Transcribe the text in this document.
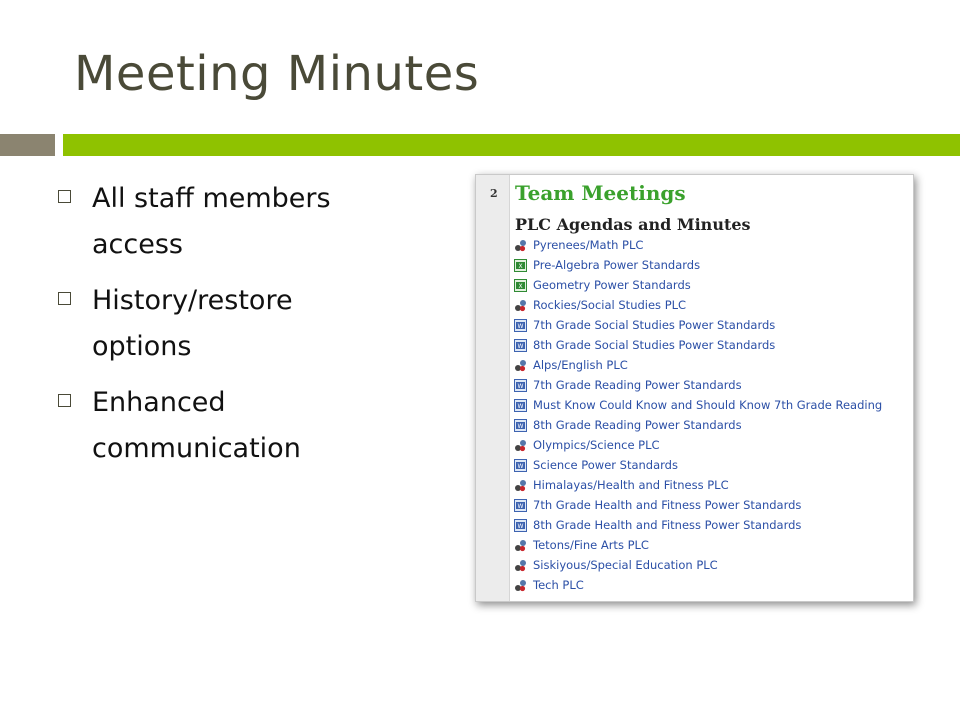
Meeting Minutes
All staff members access
History/restore options
Enhanced communication
2 Team Meetings
PLC Agendas and Minutes
Pyrenees/Math PLC
X Pre-Algebra Power Standards
X Geometry Power Standards
Rockies/Social Studies PLC
W 7th Grade Social Studies Power Standards
W 8th Grade Social Studies Power Standards
Alps/English PLC
W 7th Grade Reading Power Standards
W Must Know Could Know and Should Know 7th Grade Reading
W 8th Grade Reading Power Standards
Olympics/Science PLC
W Science Power Standards
Himalayas/Health and Fitness PLC
W 7th Grade Health and Fitness Power Standards
W 8th Grade Health and Fitness Power Standards
Tetons/Fine Arts PLC
Siskiyous/Special Education PLC
Tech PLC
